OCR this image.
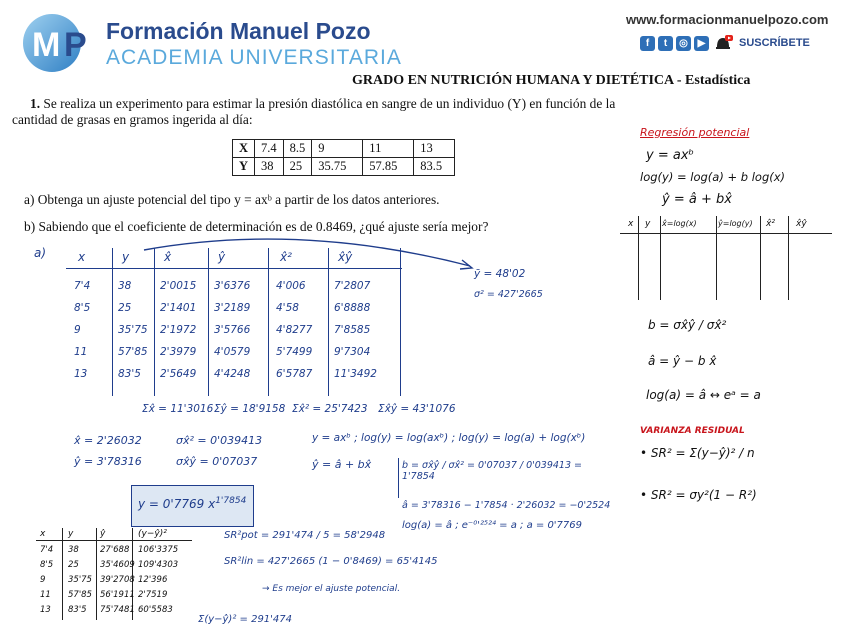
M P Formación Manuel Pozo
ACADEMIA UNIVERSITARIA
www.formacionmanuelpozo.com
f	t	◎ ▶	SUSCRÍBETE
GRADO EN NUTRICIÓN HUMANA Y DIETÉTICA - Estadística
1. Se realiza un experimento para estimar la presión diastólica en sangre de un individuo (Y) en función de la
cantidad de grasas en gramos ingerida al día:
X	7.4	8.5	9	11	13
Y	38	25	35.75	57.85	83.5
a) Obtenga un ajuste potencial del tipo y = axᵇ a partir de los datos anteriores.
b) Sabiendo que el coeficiente de determinación es de 0.8469, ¿qué ajuste sería mejor?
a)	x	y	x̂	ŷ	x̂²	x̂ŷ
7'4	38	2'0015 3'6376 4'006	7'2807
8'5	25	2'1401 3'2189 4'58	6'8888
9	35'75 2'1972 3'5766 4'8277 7'8585
11	57'85 2'3979 4'0579 5'7499 9'7304
13	83'5 2'5649 4'4248 6'5787 11'3492
Σx̂ = 11'3016 Σŷ = 18'9158 Σx̂² = 25'7423 Σx̂ŷ = 43'1076
ȳ = 48'02
σ² = 427'2665
x̂ = 2'26032	σx̂² = 0'039413
ŷ = 3'78316	σx̂ŷ = 0'07037
y = axᵇ ; log(y) = log(axᵇ) ; log(y) = log(a) + log(xᵇ)
ŷ = â + bx̂	b = σx̂ŷ / σx̂² = 0'07037 / 0'039413 = 1'7854
â = 3'78316 − 1'7854 · 2'26032 = −0'2524
log(a) = â ; e⁻⁰'²⁵²⁴ = a ; a = 0'7769
y = 0'7769 $x^{1'7854}$
x	y	ŷ	(y−ŷ)²
7'4 38 27'688 106'3375
8'5 25 35'4609 109'4303
9	35'75 39'2708 12'396
11 57'85 56'1911 2'7519
13 83'5 75'7481 60'5583
Σ(y−ŷ)² = 291'474
SR²pot = 291'474 / 5 = 58'2948
SR²lin = 427'2665 (1 − 0'8469) = 65'4145
→ Es mejor el ajuste potencial.
Regresión potencial
y = axᵇ
log(y) = log(a) + b log(x)
ŷ = â + bx̂
x y x̂=log(x)	ŷ=log(y) x̂² x̂ŷ
b = σx̂ŷ / σx̂²
â = ŷ − b x̂
log(a) = â ↔ eᵃ = a
VARIANZA RESIDUAL
• SR² = Σ(y−ŷ)² / n
• SR² = σy²(1 − R²)
